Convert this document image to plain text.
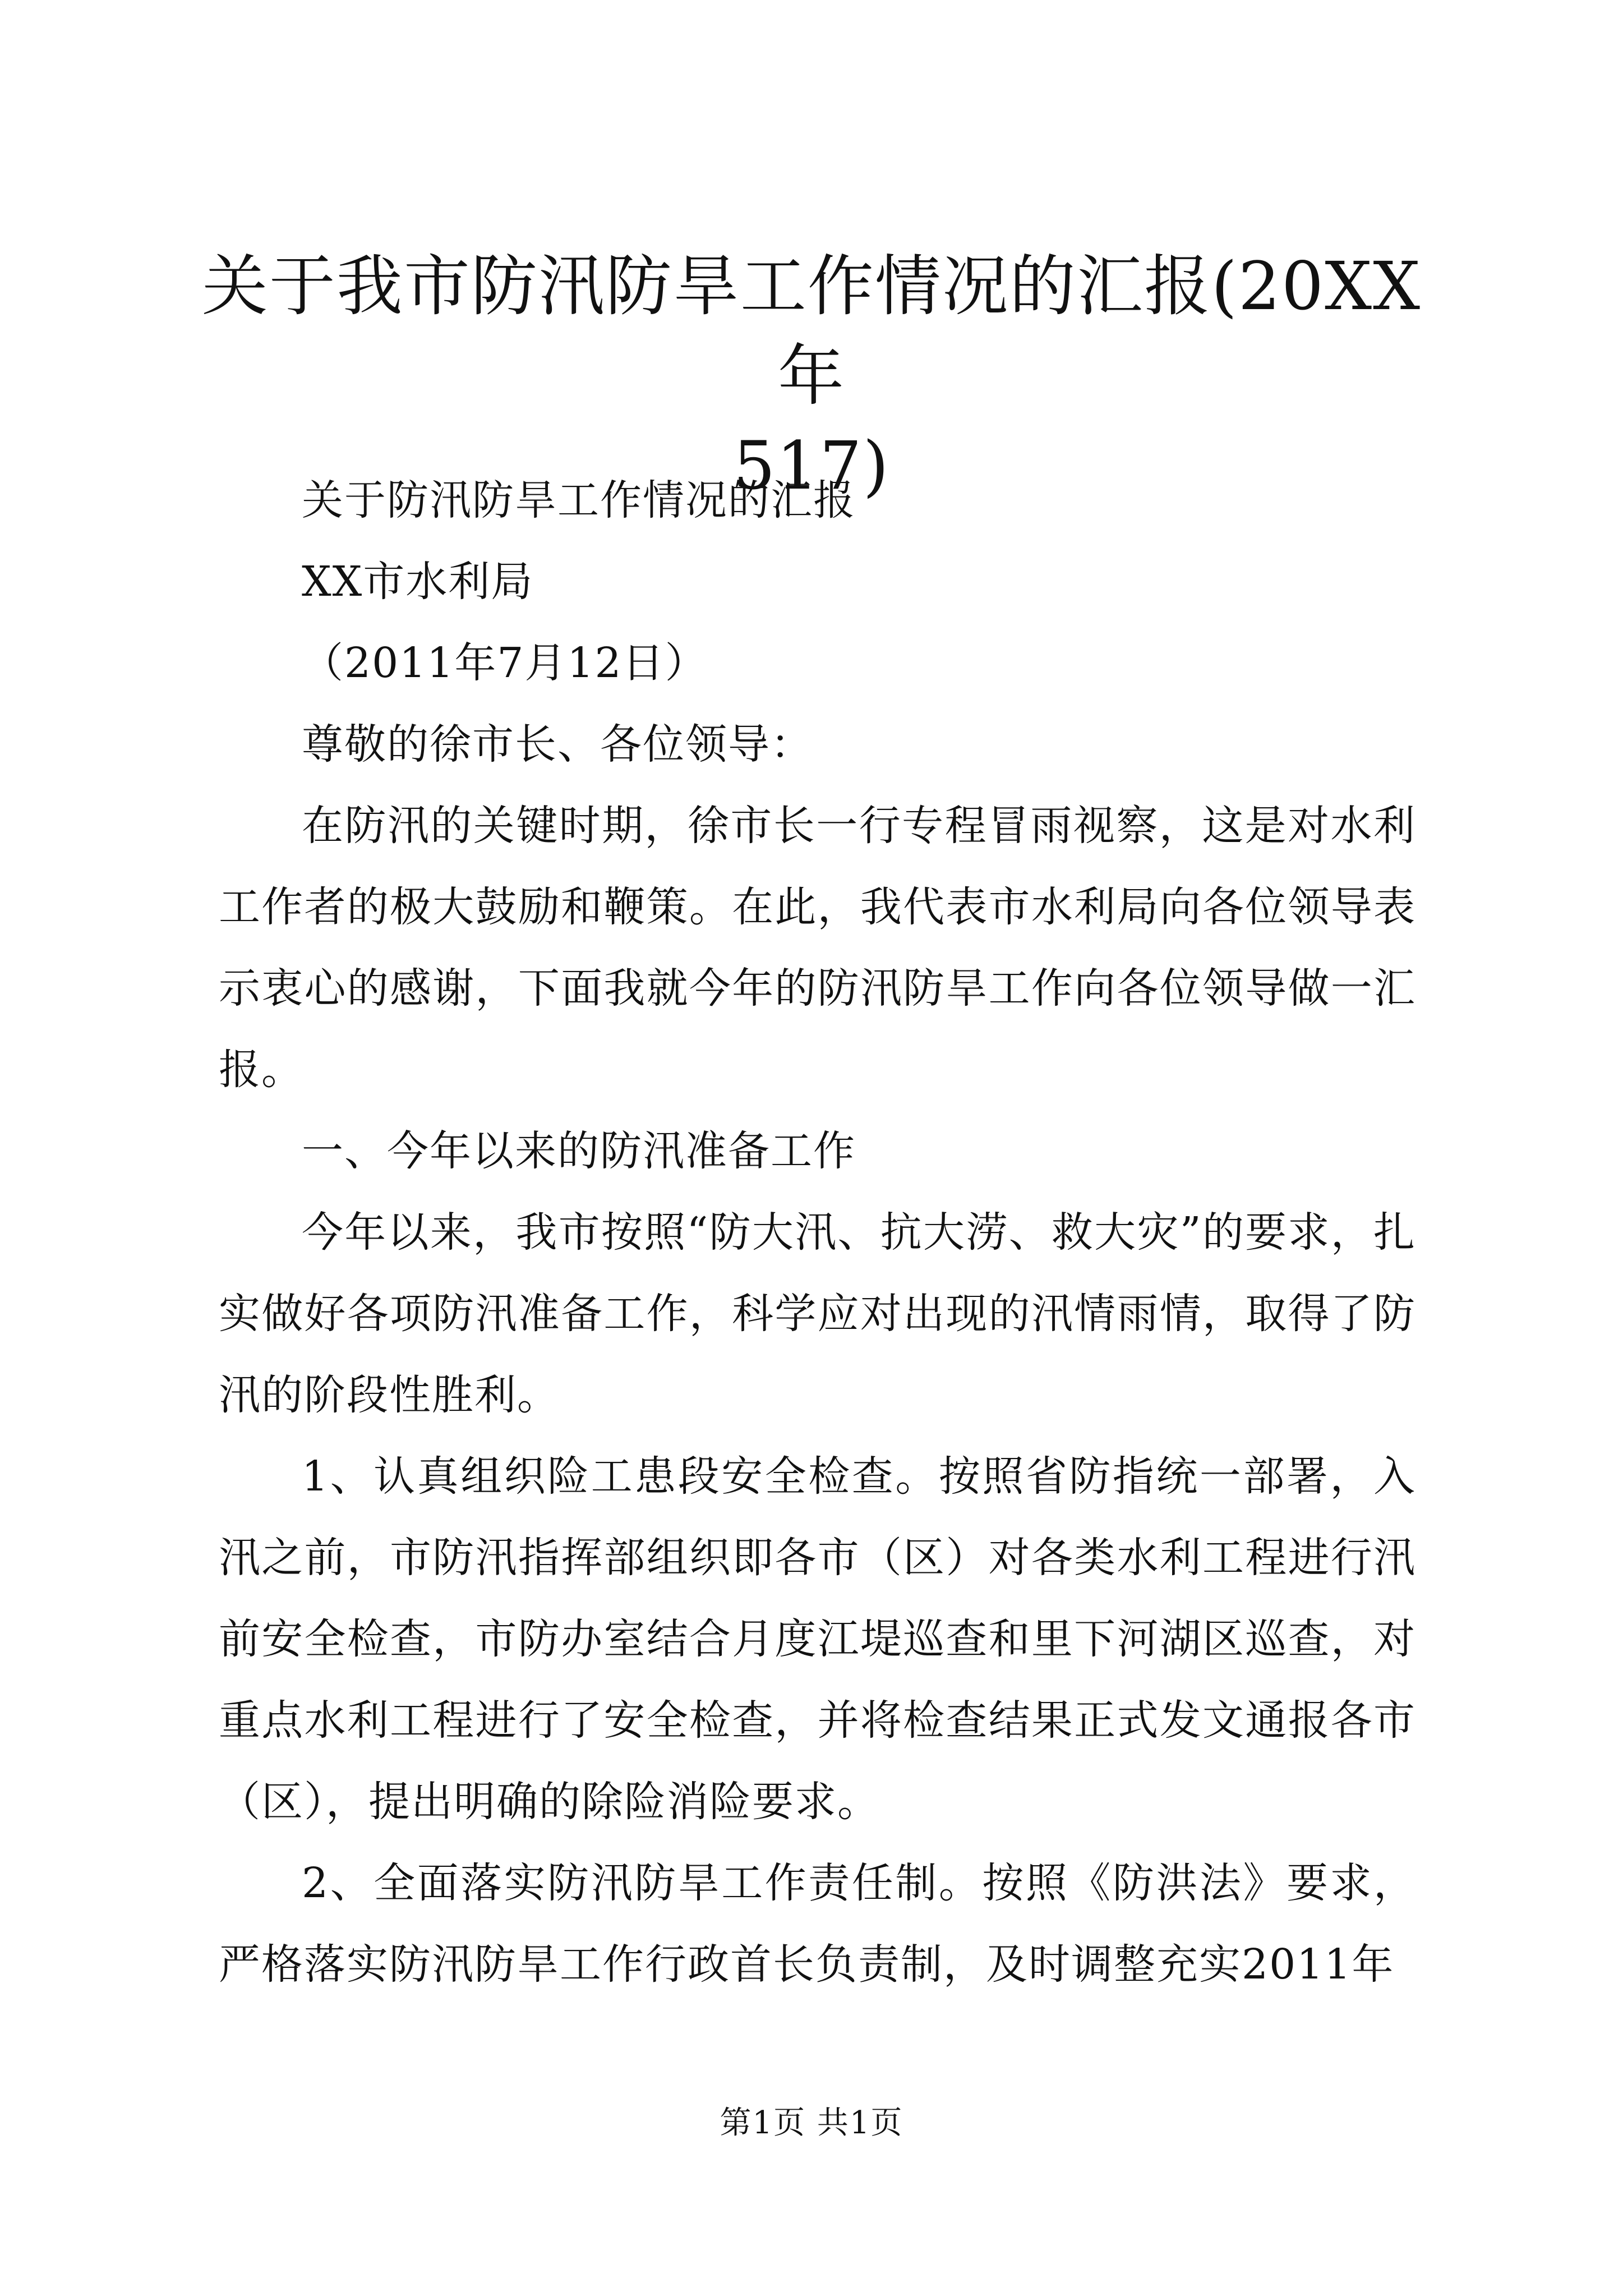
关于我市防汛防旱工作情况的汇报(20XX年
517)

关于防汛防旱工作情况的汇报

XX市水利局

（2011年7月12日）

尊敬的徐市长、各位领导：

在防汛的关键时期，徐市长一行专程冒雨视察，这是对水利工作者的极大鼓励和鞭策。在此，我代表市水利局向各位领导表示衷心的感谢，下面我就今年的防汛防旱工作向各位领导做一汇报。

一、今年以来的防汛准备工作

今年以来，我市按照“防大汛、抗大涝、救大灾”的要求，扎实做好各项防汛准备工作，科学应对出现的汛情雨情，取得了防汛的阶段性胜利。

1、认真组织险工患段安全检查。按照省防指统一部署，入汛之前，市防汛指挥部组织即各市（区）对各类水利工程进行汛前安全检查，市防办室结合月度江堤巡查和里下河湖区巡查，对重点水利工程进行了安全检查，并将检查结果正式发文通报各市（区），提出明确的除险消险要求。

2、全面落实防汛防旱工作责任制。按照《防洪法》要求，严格落实防汛防旱工作行政首长负责制，及时调整充实2011年

第1页 共1页
